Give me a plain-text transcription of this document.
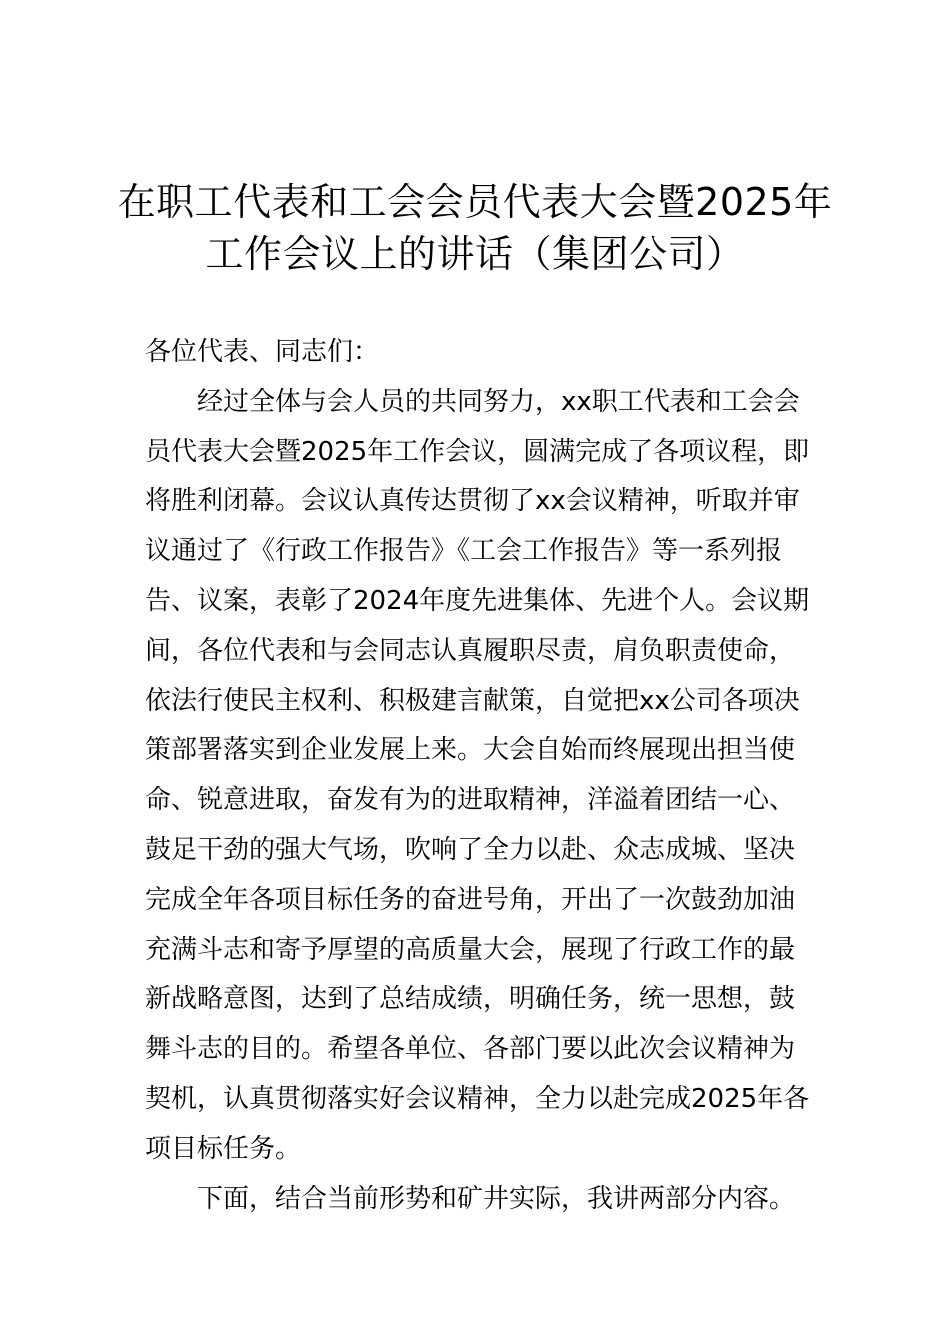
在职工代表和工会会员代表大会暨2025年
工作会议上的讲话（集团公司）

各位代表、同志们：

经过全体与会人员的共同努力，xx职工代表和工会会
员代表大会暨2025年工作会议，圆满完成了各项议程，即
将胜利闭幕。会议认真传达贯彻了xx会议精神，听取并审
议通过了《行政工作报告》《工会工作报告》等一系列报
告、议案，表彰了2024年度先进集体、先进个人。会议期
间，各位代表和与会同志认真履职尽责，肩负职责使命，
依法行使民主权利、积极建言献策，自觉把xx公司各项决
策部署落实到企业发展上来。大会自始而终展现出担当使
命、锐意进取，奋发有为的进取精神，洋溢着团结一心、
鼓足干劲的强大气场，吹响了全力以赴、众志成城、坚决
完成全年各项目标任务的奋进号角，开出了一次鼓劲加油
充满斗志和寄予厚望的高质量大会，展现了行政工作的最
新战略意图，达到了总结成绩，明确任务，统一思想，鼓
舞斗志的目的。希望各单位、各部门要以此次会议精神为
契机，认真贯彻落实好会议精神，全力以赴完成2025年各
项目标任务。

下面，结合当前形势和矿井实际，我讲两部分内容。
